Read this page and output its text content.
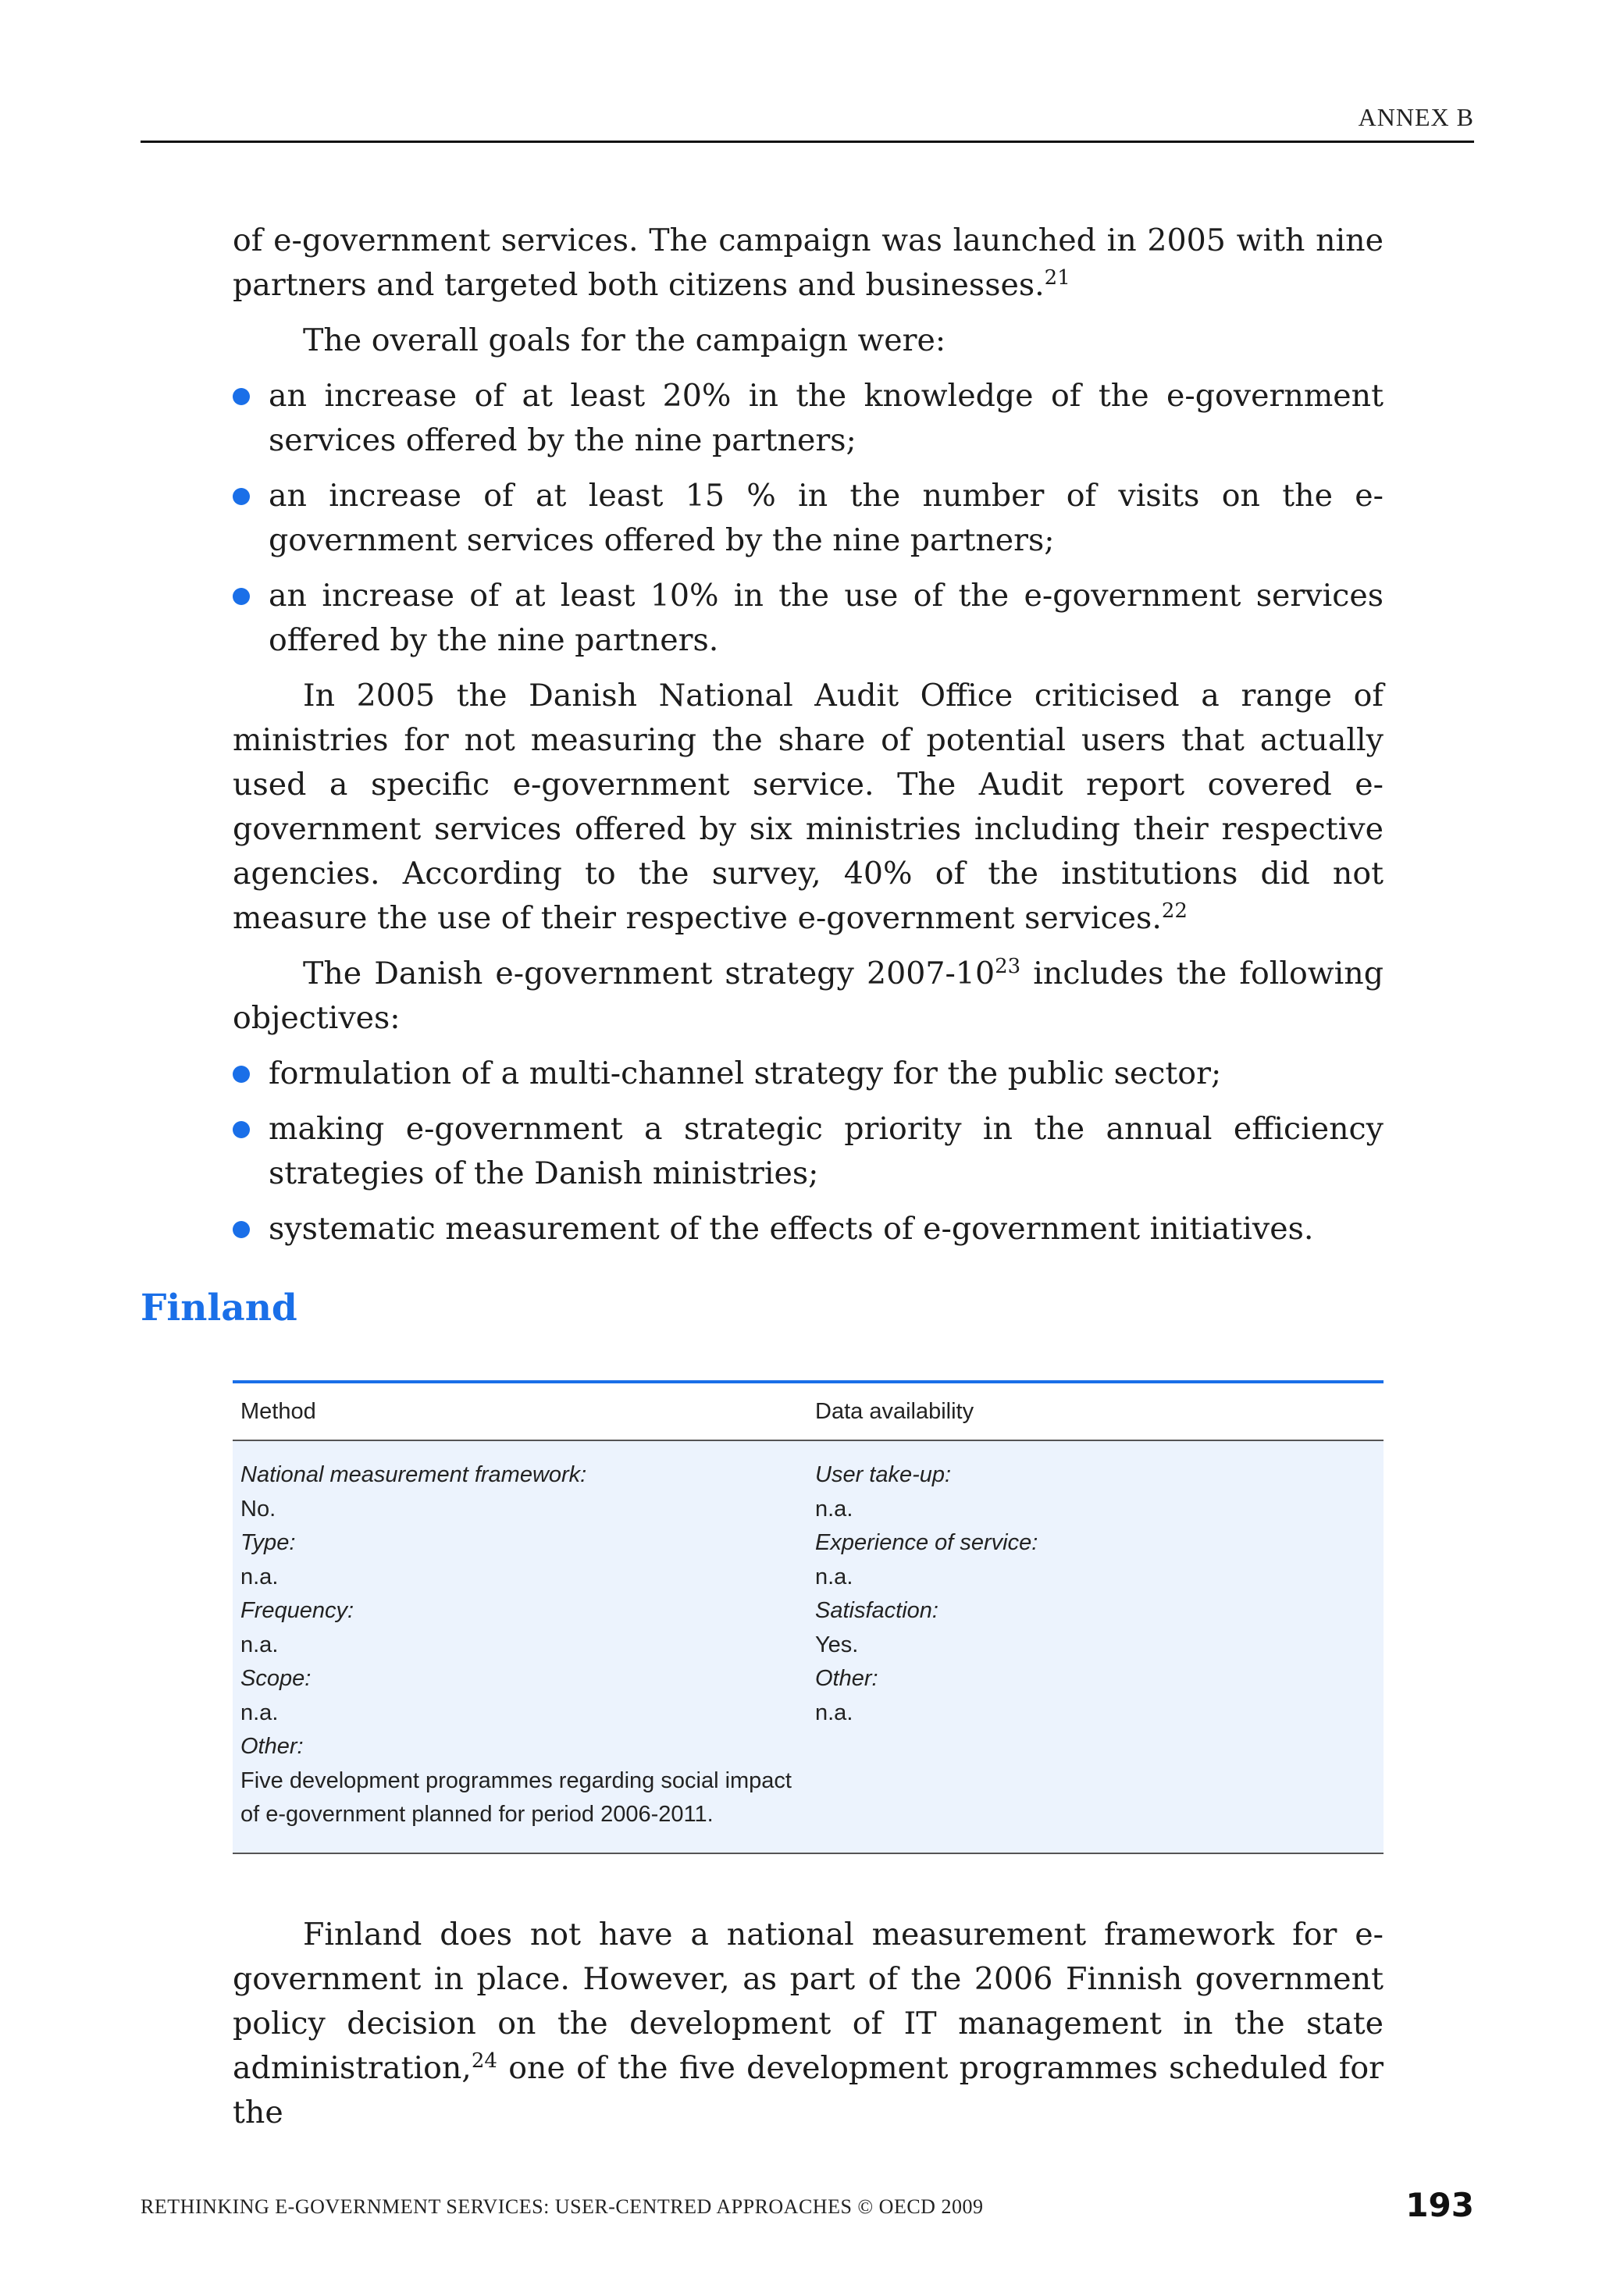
ANNEX B

of e-government services. The campaign was launched in 2005 with nine partners and targeted both citizens and businesses.$^{21}$

The overall goals for the campaign were:

an increase of at least 20% in the knowledge of the e-government services offered by the nine partners;
an increase of at least 15 % in the number of visits on the e-government services offered by the nine partners;
an increase of at least 10% in the use of the e-government services offered by the nine partners.

In 2005 the Danish National Audit Office criticised a range of ministries for not measuring the share of potential users that actually used a specific e-government service. The Audit report covered e-government services offered by six ministries including their respective agencies. According to the survey, 40% of the institutions did not measure the use of their respective e-government services.$^{22}$

The Danish e-government strategy $2007-10^{23}$ includes the following objectives:

formulation of a multi-channel strategy for the public sector;
making e-government a strategic priority in the annual efficiency strategies of the Danish ministries;
systematic measurement of the effects of e-government initiatives.
Finland
Method	Data availability
National measurement framework:
No.
Type:
n.a.
Frequency:
n.a.
Scope:
n.a.
Other:
Five development programmes regarding social impact of e-government planned for period 2006-2011.
User take-up:
n.a.
Experience of service:
n.a.
Satisfaction:
Yes.
Other:
n.a.

Finland does not have a national measurement framework for e-government in place. However, as part of the 2006 Finnish government policy decision on the development of IT management in the state administration,$^{24}$ one of the five development programmes scheduled for the

RETHINKING E-GOVERNMENT SERVICES: USER-CENTRED APPROACHES © OECD 2009	193
